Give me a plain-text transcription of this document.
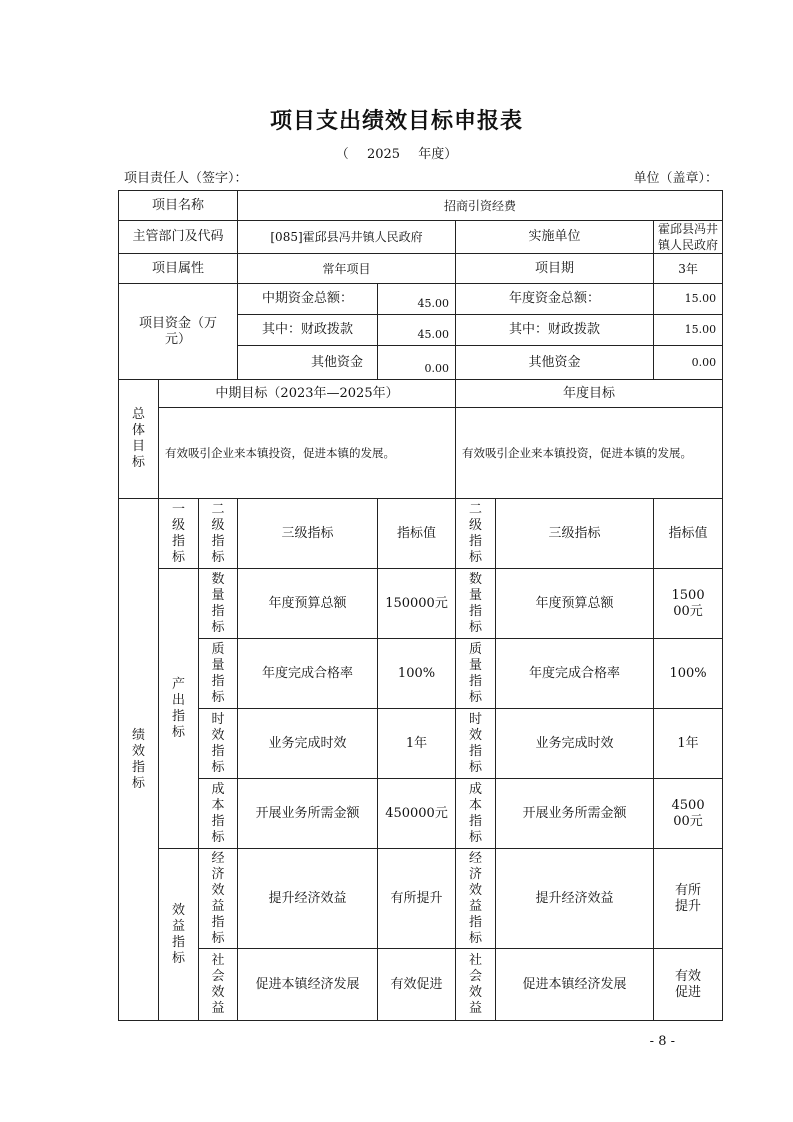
项目支出绩效目标申报表
（ 2025 年度）
项目责任人（签字）：	单位（盖章）：
项目名称			招商引资经费				
主管部门及代码			[085]霍邱县冯井镇人民政府		实施单位		霍邱县冯井镇人民政府
项目属性			常年项目		项目期		3年
项目资金（万元）			中期资金总额：	45.00	年度资金总额：		15.00
			其中：财政拨款	45.00	其中：财政拨款		15.00
			其他资金	0.00	其他资金		0.00
总体目标	中期目标（2023年—2025年）				年度目标		
	有效吸引企业来本镇投资，促进本镇的发展。				有效吸引企业来本镇投资，促进本镇的发展。		
绩效指标	一级指标	二级指标	三级指标	指标值	二级指标	三级指标	指标值
	产出指标	数量指标	年度预算总额	150000元	数量指标	年度预算总额	150000元
		质量指标	年度完成合格率	100%	质量指标	年度完成合格率	100%
		时效指标	业务完成时效	1年	时效指标	业务完成时效	1年
		成本指标	开展业务所需金额	450000元	成本指标	开展业务所需金额	450000元
	效益指标	经济效益指标	提升经济效益	有所提升	经济效益指标	提升经济效益	有所提升
		社会效益	促进本镇经济发展	有效促进	社会效益	促进本镇经济发展	有效促进
- 8 -
